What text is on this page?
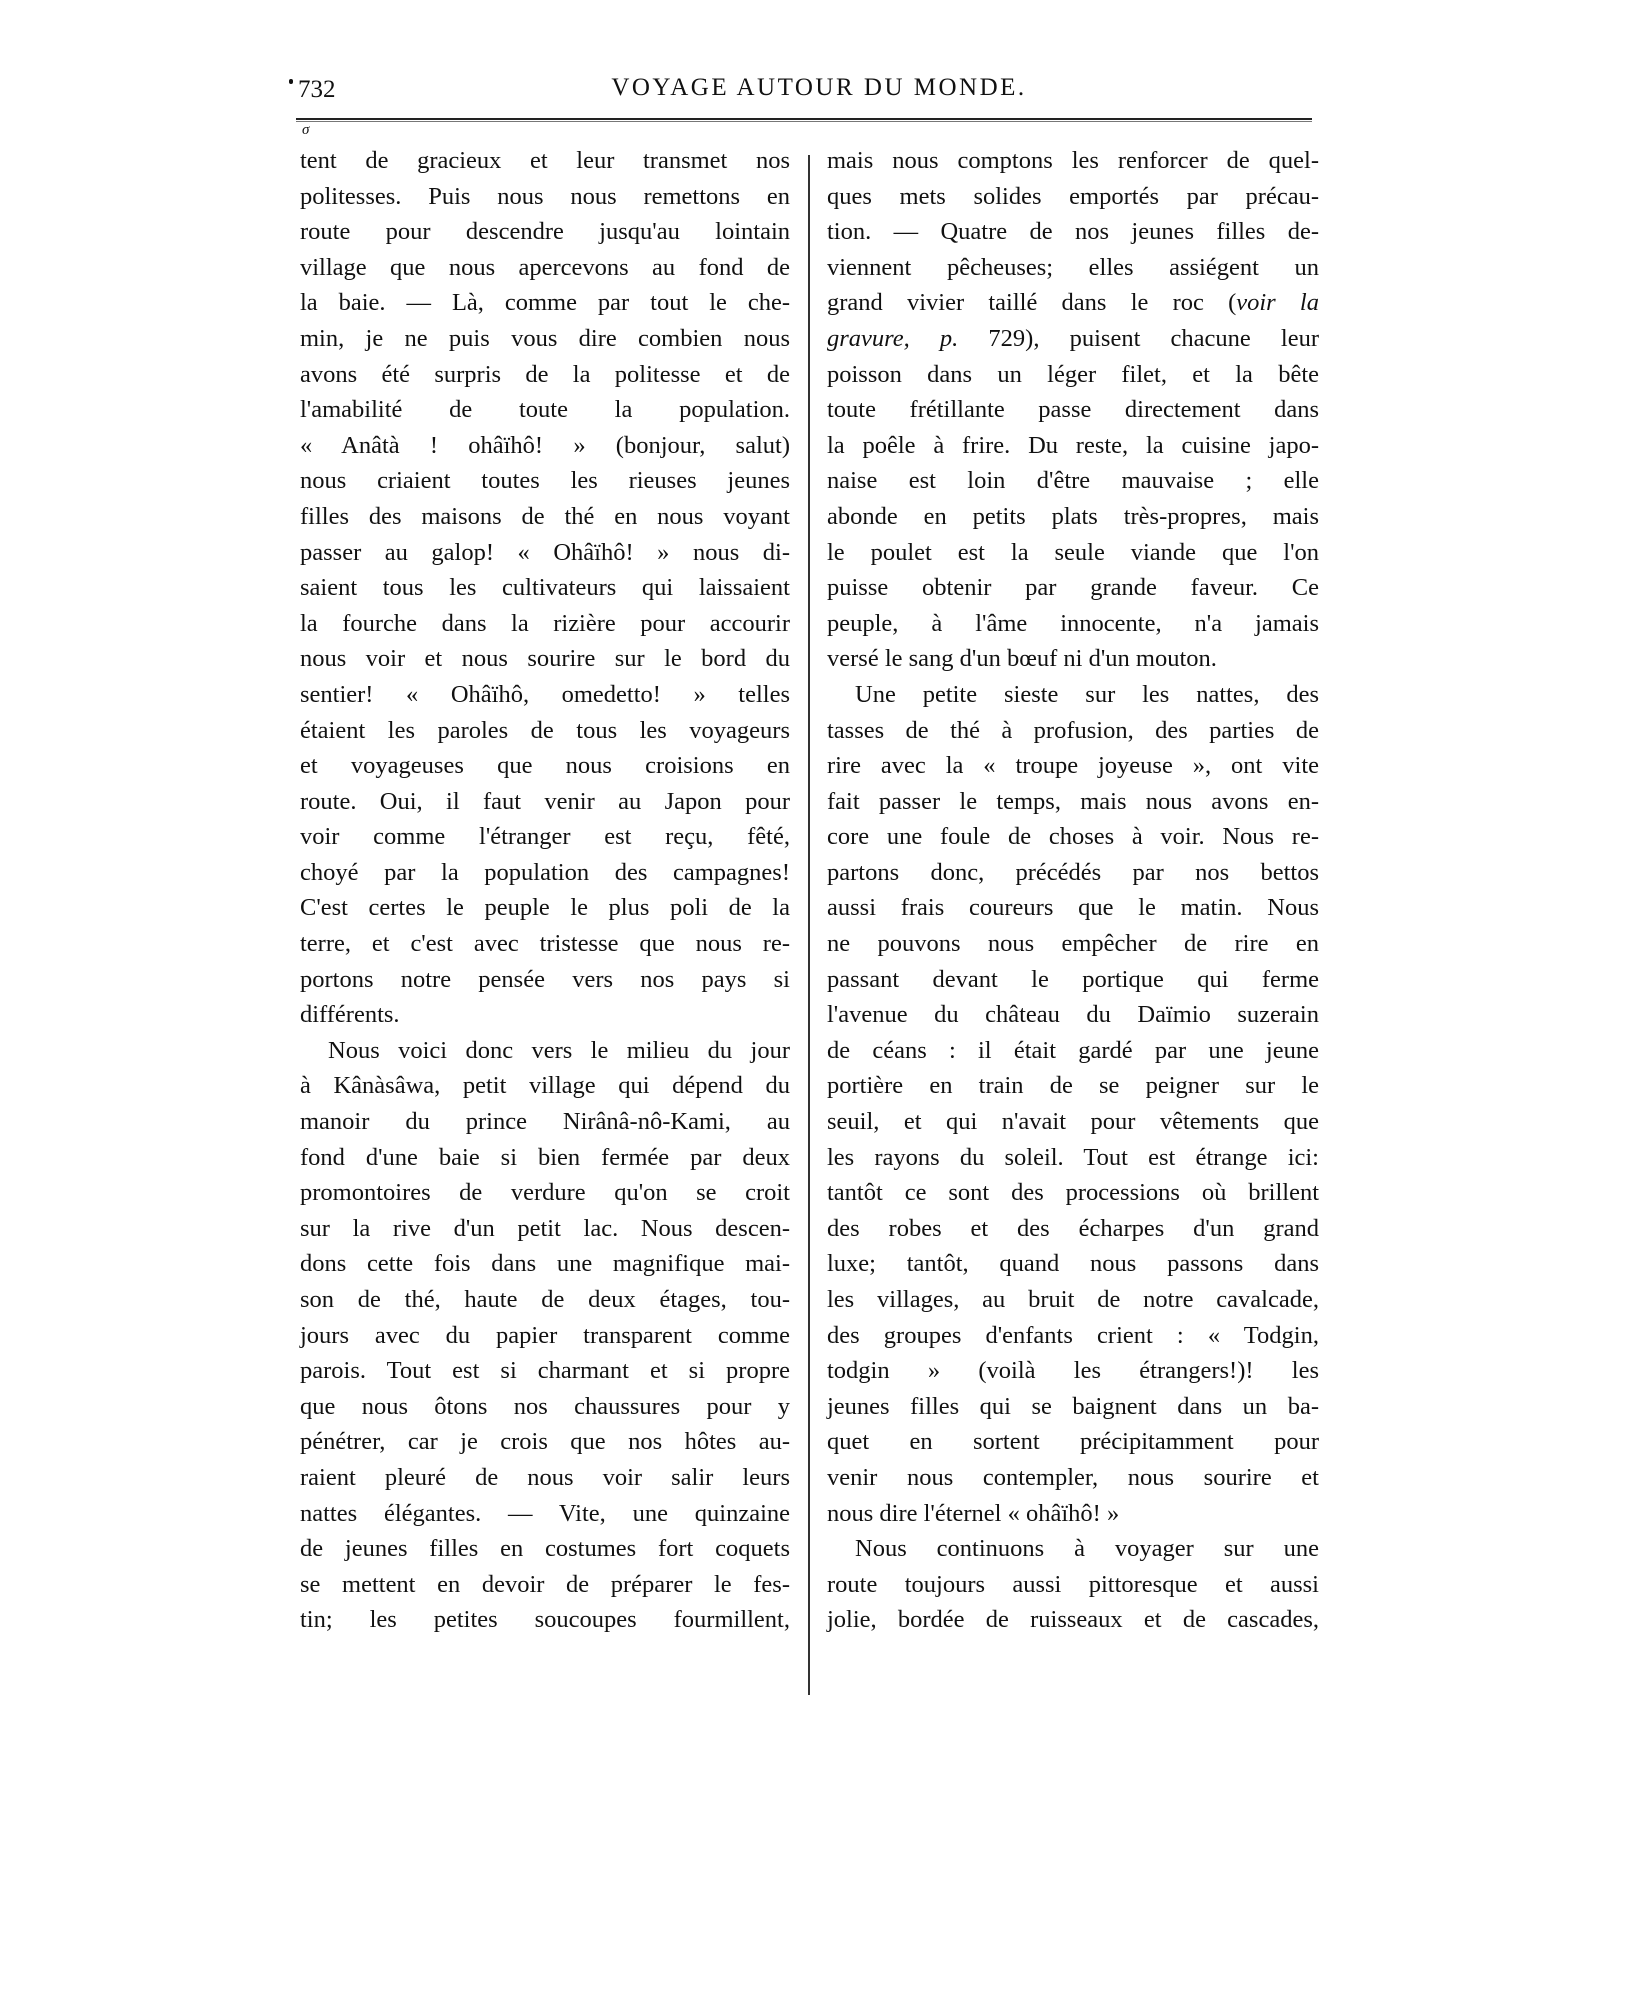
732	VOYAGE AUTOUR DU MONDE.
σ
tent de gracieux et leur transmet nos
politesses. Puis nous nous remettons en
route pour descendre jusqu'au lointain
village que nous apercevons au fond de
la baie. — Là, comme par tout le che-
min, je ne puis vous dire combien nous
avons été surpris de la politesse et de
l'amabilité de toute la population.
« Anâtà ! ohâïhô! » (bonjour, salut)
nous criaient toutes les rieuses jeunes
filles des maisons de thé en nous voyant
passer au galop! « Ohâïhô! » nous di-
saient tous les cultivateurs qui laissaient
la fourche dans la rizière pour accourir
nous voir et nous sourire sur le bord du
sentier! « Ohâïhô, omedetto! » telles
étaient les paroles de tous les voyageurs
et voyageuses que nous croisions en
route. Oui, il faut venir au Japon pour
voir comme l'étranger est reçu, fêté,
choyé par la population des campagnes!
C'est certes le peuple le plus poli de la
terre, et c'est avec tristesse que nous re-
portons notre pensée vers nos pays si
différents.
Nous voici donc vers le milieu du jour
à Kânàsâwa, petit village qui dépend du
manoir du prince Nirânâ-nô-Kami, au
fond d'une baie si bien fermée par deux
promontoires de verdure qu'on se croit
sur la rive d'un petit lac. Nous descen-
dons cette fois dans une magnifique mai-
son de thé, haute de deux étages, tou-
jours avec du papier transparent comme
parois. Tout est si charmant et si propre
que nous ôtons nos chaussures pour y
pénétrer, car je crois que nos hôtes au-
raient pleuré de nous voir salir leurs
nattes élégantes. — Vite, une quinzaine
de jeunes filles en costumes fort coquets
se mettent en devoir de préparer le fes-
tin; les petites soucoupes fourmillent,
mais nous comptons les renforcer de quel-
ques mets solides emportés par précau-
tion. — Quatre de nos jeunes filles de-
viennent pêcheuses; elles assiégent un
grand vivier taillé dans le roc (voir la
gravure, p. 729), puisent chacune leur
poisson dans un léger filet, et la bête
toute frétillante passe directement dans
la poêle à frire. Du reste, la cuisine japo-
naise est loin d'être mauvaise ; elle
abonde en petits plats très-propres, mais
le poulet est la seule viande que l'on
puisse obtenir par grande faveur. Ce
peuple, à l'âme innocente, n'a jamais
versé le sang d'un bœuf ni d'un mouton.
Une petite sieste sur les nattes, des
tasses de thé à profusion, des parties de
rire avec la « troupe joyeuse », ont vite
fait passer le temps, mais nous avons en-
core une foule de choses à voir. Nous re-
partons donc, précédés par nos bettos
aussi frais coureurs que le matin. Nous
ne pouvons nous empêcher de rire en
passant devant le portique qui ferme
l'avenue du château du Daïmio suzerain
de céans : il était gardé par une jeune
portière en train de se peigner sur le
seuil, et qui n'avait pour vêtements que
les rayons du soleil. Tout est étrange ici:
tantôt ce sont des processions où brillent
des robes et des écharpes d'un grand
luxe; tantôt, quand nous passons dans
les villages, au bruit de notre cavalcade,
des groupes d'enfants crient : « Todgin,
todgin » (voilà les étrangers!)! les
jeunes filles qui se baignent dans un ba-
quet en sortent précipitamment pour
venir nous contempler, nous sourire et
nous dire l'éternel « ohâïhô! »
Nous continuons à voyager sur une
route toujours aussi pittoresque et aussi
jolie, bordée de ruisseaux et de cascades,
